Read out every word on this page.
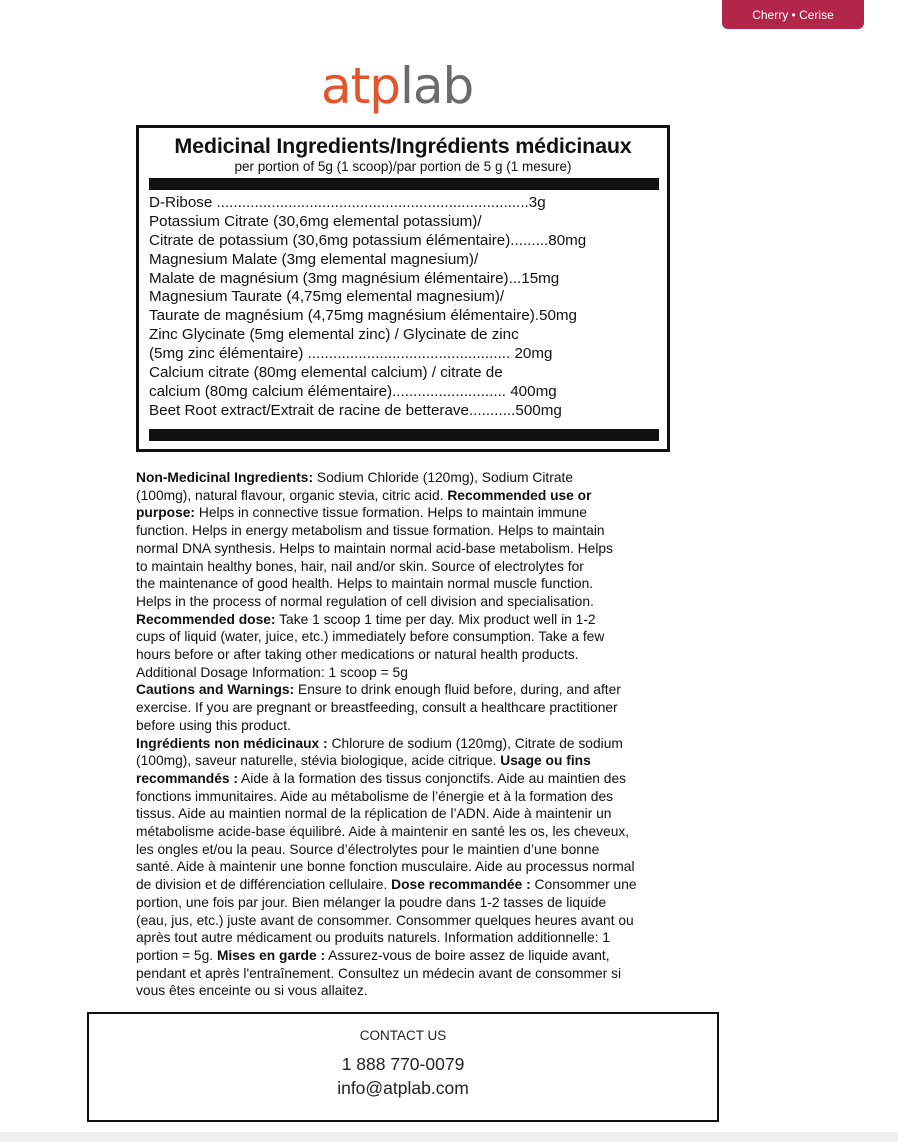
Cherry • Cerise
atplab
Medicinal Ingredients/Ingrédients médicinaux
per portion of 5g (1 scoop)/par portion de 5 g (1 mesure)
D-Ribose ..........................................................................3g
Potassium Citrate (30,6mg elemental potassium)/
Citrate de potassium (30,6mg potassium élémentaire).........80mg
Magnesium Malate (3mg elemental magnesium)/
Malate de magnésium (3mg magnésium élémentaire)...15mg
Magnesium Taurate (4,75mg elemental magnesium)/
Taurate de magnésium (4,75mg magnésium élémentaire).50mg
Zinc Glycinate (5mg elemental zinc) / Glycinate de zinc
(5mg zinc élémentaire) ................................................ 20mg
Calcium citrate (80mg elemental calcium) / citrate de
calcium (80mg calcium élémentaire)........................... 400mg
Beet Root extract/Extrait de racine de betterave...........500mg
Non-Medicinal Ingredients: Sodium Chloride (120mg), Sodium Citrate
(100mg), natural flavour, organic stevia, citric acid. Recommended use or
purpose: Helps in connective tissue formation. Helps to maintain immune
function. Helps in energy metabolism and tissue formation. Helps to maintain
normal DNA synthesis. Helps to maintain normal acid-base metabolism. Helps
to maintain healthy bones, hair, nail and/or skin. Source of electrolytes for
the maintenance of good health. Helps to maintain normal muscle function.
Helps in the process of normal regulation of cell division and specialisation.
Recommended dose: Take 1 scoop 1 time per day. Mix product well in 1-2
cups of liquid (water, juice, etc.) immediately before consumption. Take a few
hours before or after taking other medications or natural health products.
Additional Dosage Information: 1 scoop = 5g
Cautions and Warnings: Ensure to drink enough fluid before, during, and after
exercise. If you are pregnant or breastfeeding, consult a healthcare practitioner
before using this product.
Ingrédients non médicinaux : Chlorure de sodium (120mg), Citrate de sodium
(100mg), saveur naturelle, stévia biologique, acide citrique. Usage ou fins
recommandés : Aide à la formation des tissus conjonctifs. Aide au maintien des
fonctions immunitaires. Aide au métabolisme de l’énergie et à la formation des
tissus. Aide au maintien normal de la réplication de l’ADN. Aide à maintenir un
métabolisme acide-base équilibré. Aide à maintenir en santé les os, les cheveux,
les ongles et/ou la peau. Source d’électrolytes pour le maintien d’une bonne
santé. Aide à maintenir une bonne fonction musculaire. Aide au processus normal
de division et de différenciation cellulaire. Dose recommandée : Consommer une
portion, une fois par jour. Bien mélanger la poudre dans 1-2 tasses de liquide
(eau, jus, etc.) juste avant de consommer. Consommer quelques heures avant ou
après tout autre médicament ou produits naturels. Information additionnelle: 1
portion = 5g. Mises en garde : Assurez-vous de boire assez de liquide avant,
pendant et après l'entraînement. Consultez un médecin avant de consommer si
vous êtes enceinte ou si vous allaitez.
CONTACT US
1 888 770-0079
info@atplab.com
